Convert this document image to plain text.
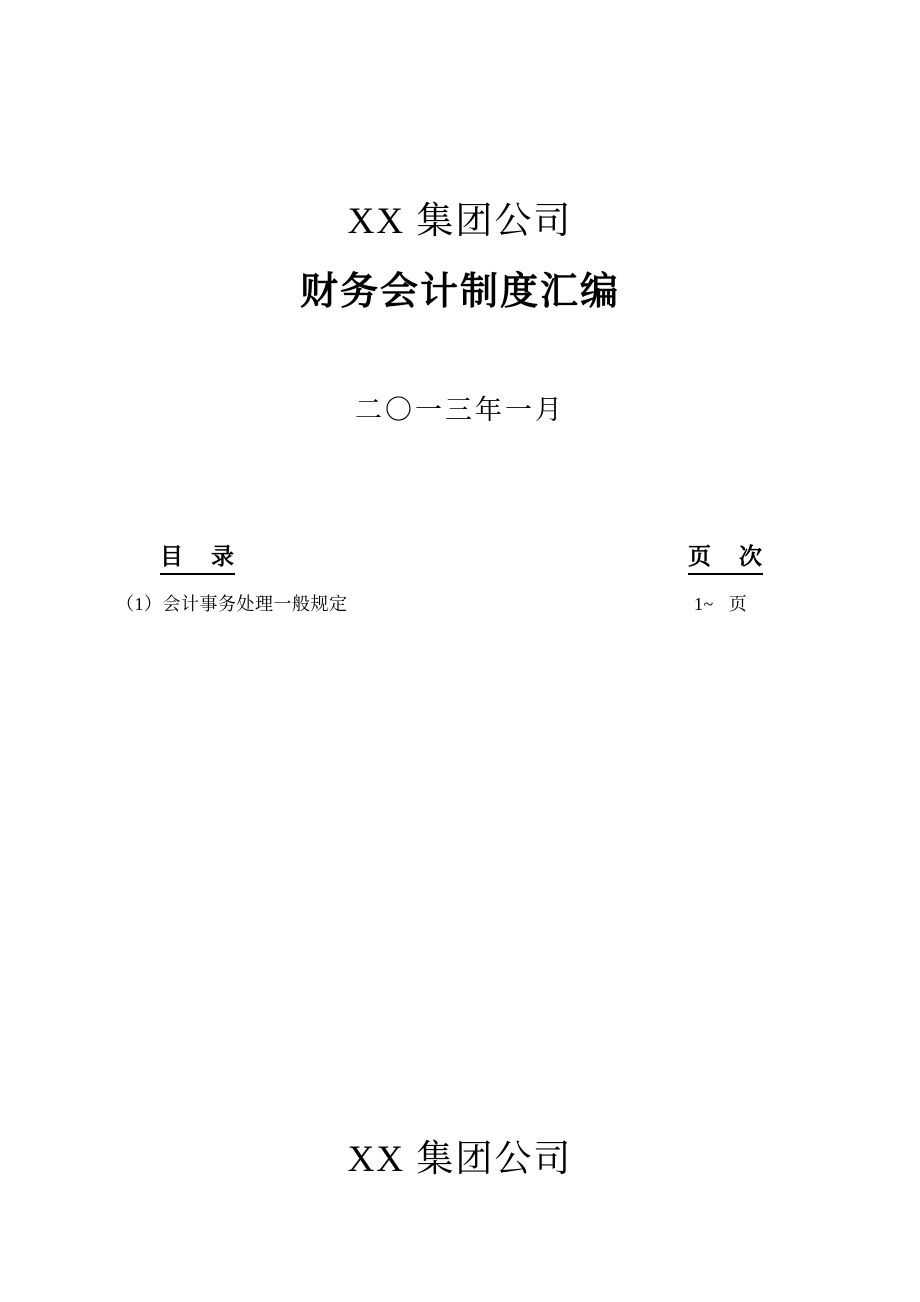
XX 集团公司
财务会计制度汇编
二〇一三年一月
目   录	页   次
（1）会计事务处理一般规定	1~   页
XX 集团公司
